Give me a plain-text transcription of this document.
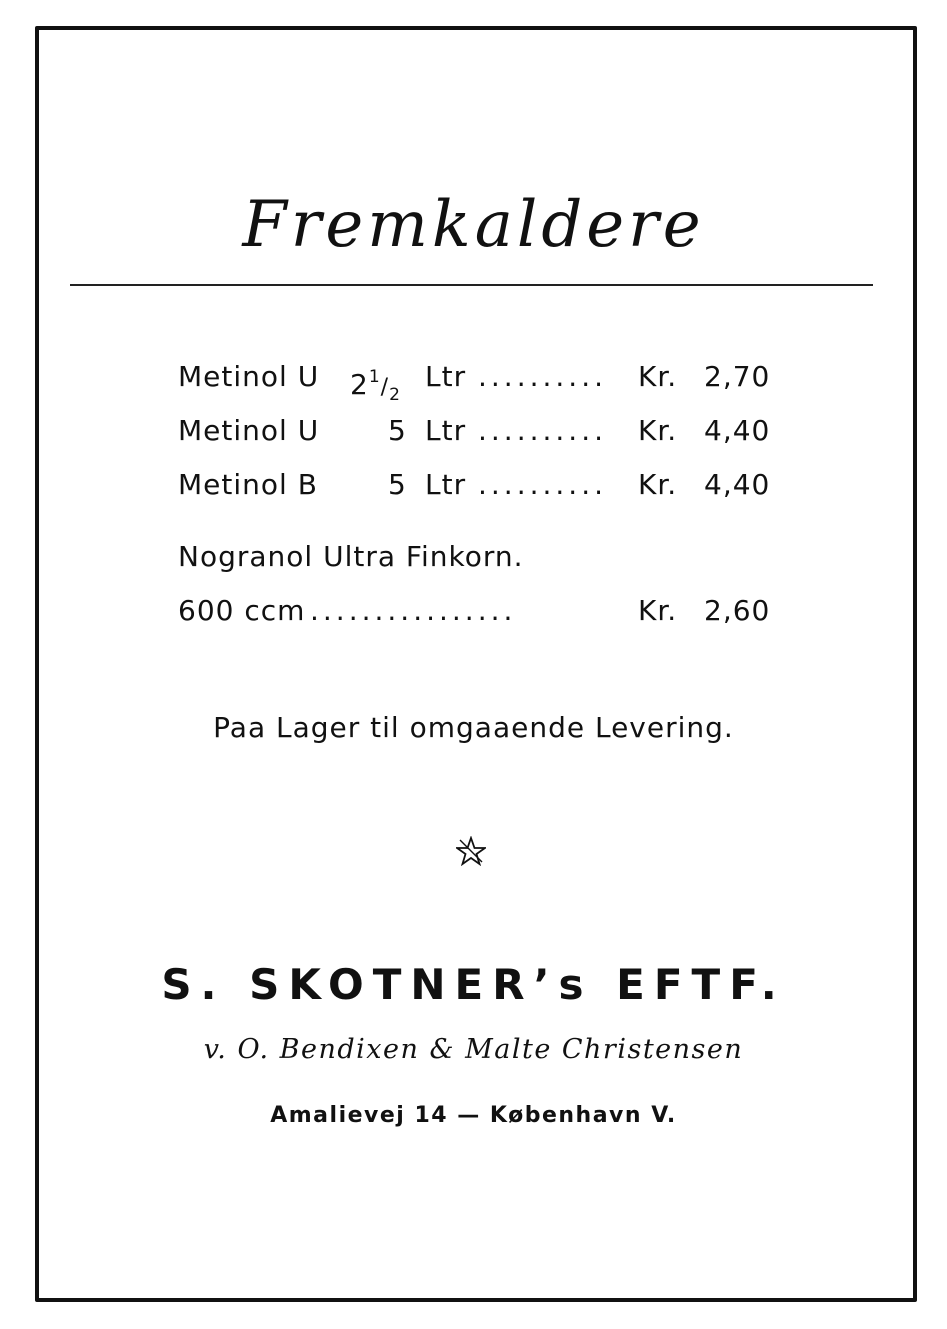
Fremkaldere
Metinol U $2^1/_2$
Ltr .......... Kr. 2,70
Metinol U 5 Ltr .......... Kr. 4,40
Metinol B	5 Ltr .......... Kr. 4,40
Nogranol Ultra Finkorn.
600 ccm ................	Kr. 2,60
Paa Lager til omgaaende Levering.
S. SKOTNER’s EFTF.
v. O. Bendixen & Malte Christensen
Amalievej 14 — København V.
